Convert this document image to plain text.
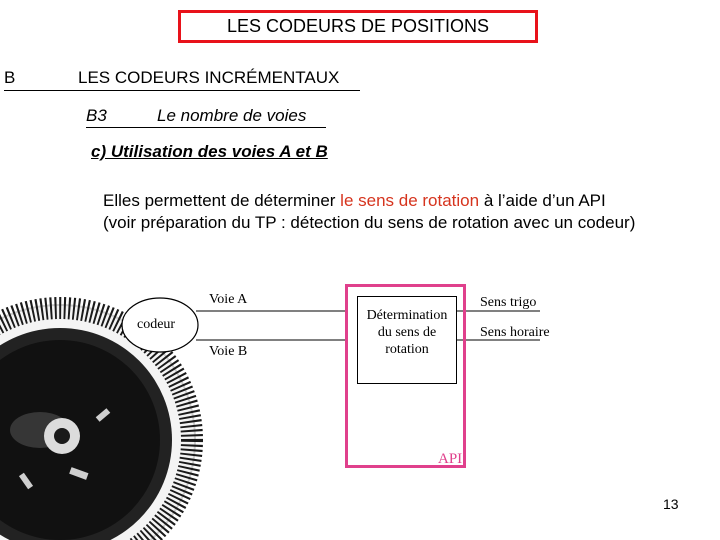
LES CODEURS DE POSITIONS
B	LES CODEURS INCRÉMENTAUX
B3	Le nombre de voies
c) Utilisation des voies A et B
Elles permettent de déterminer le sens de rotation à l’aide d’un API (voir préparation du TP : détection du sens de rotation avec un codeur)
codeur
Voie A
Voie B
Détermination
du sens de
rotation
API
Sens trigo
Sens horaire
13
